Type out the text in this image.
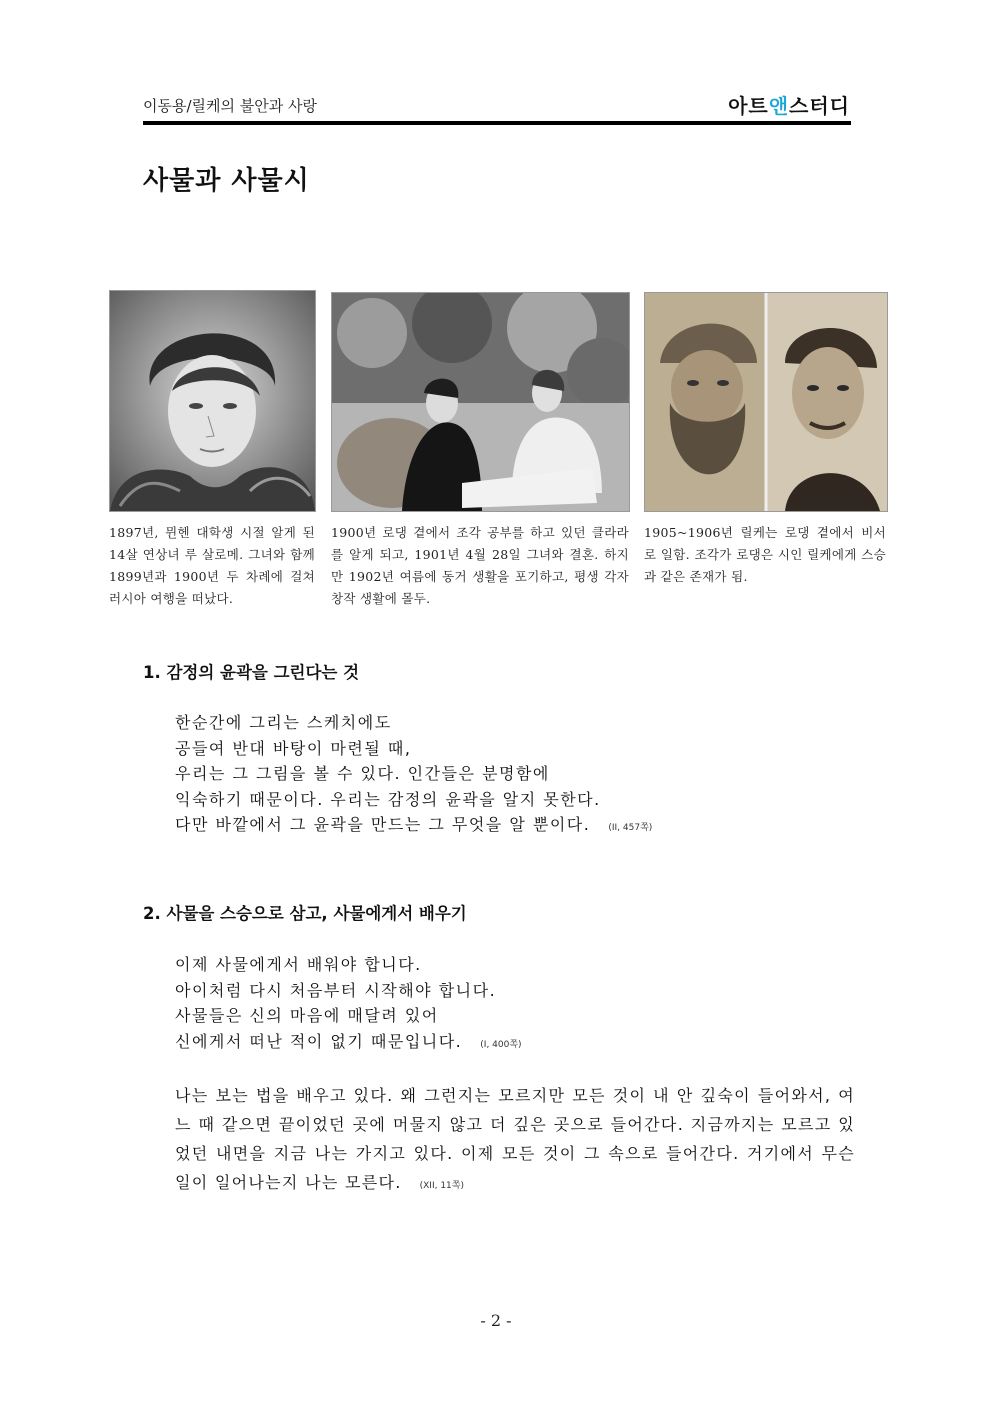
이동용/릴케의 불안과 사랑	아트앤스터디
사물과 사물시

1897년, 뮌헨 대학생 시절 알게 된 14살 연상녀 루 살로메. 그녀와 함께 1899년과 1900년 두 차례에 걸쳐 러시아 여행을 떠났다.

1900년 로댕 곁에서 조각 공부를 하고 있던 클라라를 알게 되고, 1901년 4월 28일 그녀와 결혼. 하지만 1902년 여름에 동거 생활을 포기하고, 평생 각자 창작 생활에 몰두.

1905~1906년 릴케는 로댕 곁에서 비서로 일함. 조각가 로댕은 시인 릴케에게 스승과 같은 존재가 됨.

1. 감정의 윤곽을 그린다는 것
한순간에 그리는 스케치에도
공들여 반대 바탕이 마련될 때,
우리는 그 그림을 볼 수 있다. 인간들은 분명함에
익숙하기 때문이다. 우리는 감정의 윤곽을 알지 못한다.
다만 바깥에서 그 윤곽을 만드는 그 무엇을 알 뿐이다. (II, 457쪽)
2. 사물을 스승으로 삼고, 사물에게서 배우기
이제 사물에게서 배워야 합니다.
아이처럼 다시 처음부터 시작해야 합니다.
사물들은 신의 마음에 매달려 있어
신에게서 떠난 적이 없기 때문입니다. (I, 400쪽)
나는 보는 법을 배우고 있다. 왜 그런지는 모르지만 모든 것이 내 안 깊숙이 들어와서, 여느 때 같으면 끝이었던 곳에 머물지 않고 더 깊은 곳으로 들어간다. 지금까지는 모르고 있었던 내면을 지금 나는 가지고 있다. 이제 모든 것이 그 속으로 들어간다. 거기에서 무슨 일이 일어나는지 나는 모른다. (XII, 11쪽)
- 2 -
